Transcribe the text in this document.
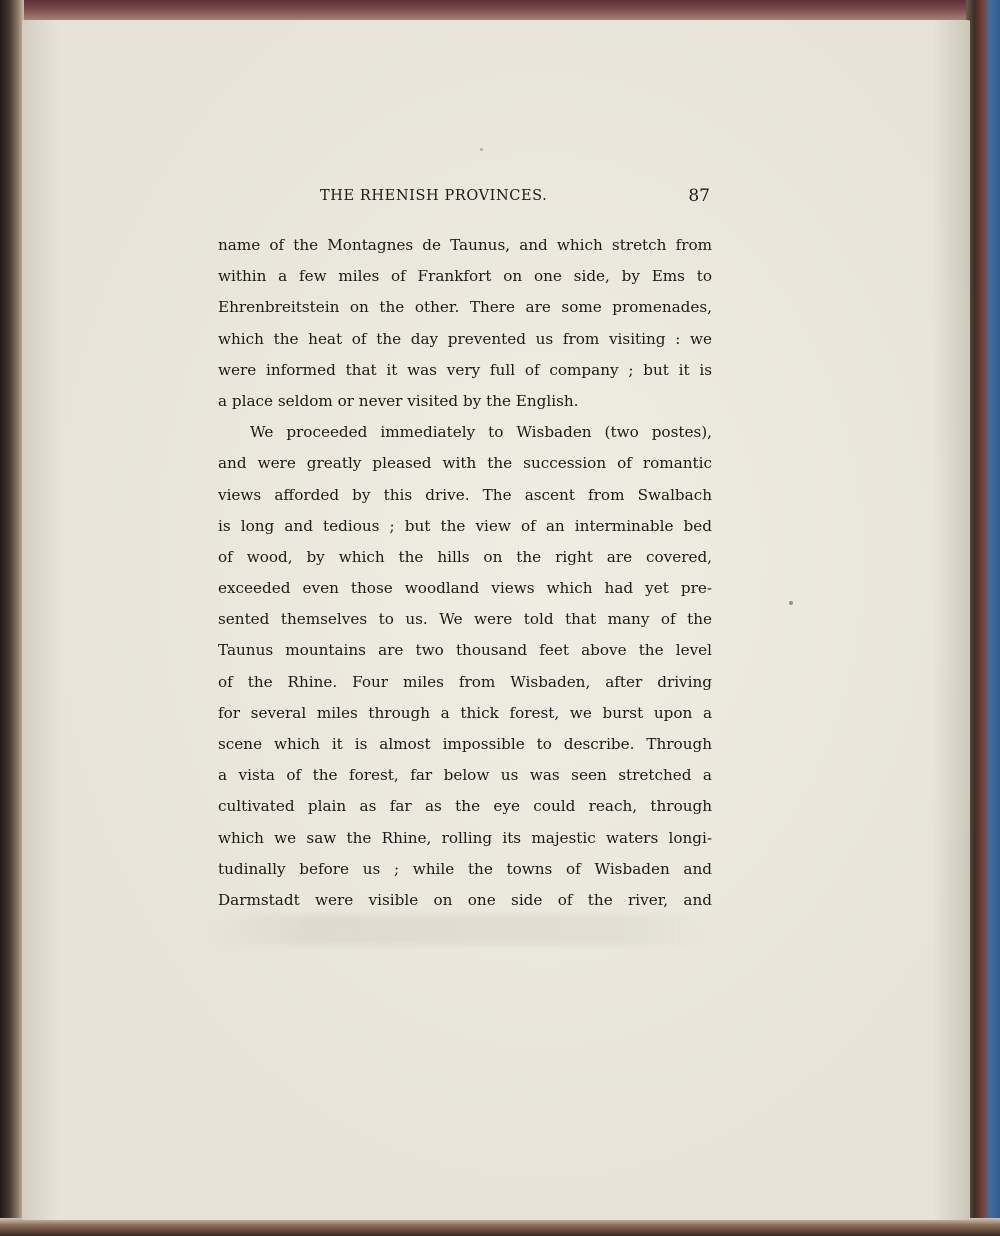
THE RHENISH PROVINCES.	87
name of the Montagnes de Taunus, and which stretch from
within a few miles of Frankfort on one side, by Ems to
Ehrenbreitstein on the other. There are some promenades,
which the heat of the day prevented us from visiting : we
were informed that it was very full of company ; but it is
a place seldom or never visited by the English.
We proceeded immediately to Wisbaden (two postes),
and were greatly pleased with the succession of romantic
views afforded by this drive. The ascent from Swalbach
is long and tedious ; but the view of an interminable bed
of wood, by which the hills on the right are covered,
exceeded even those woodland views which had yet pre-
sented themselves to us. We were told that many of the
Taunus mountains are two thousand feet above the level
of the Rhine. Four miles from Wisbaden, after driving
for several miles through a thick forest, we burst upon a
scene which it is almost impossible to describe. Through
a vista of the forest, far below us was seen stretched a
cultivated plain as far as the eye could reach, through
which we saw the Rhine, rolling its majestic waters longi-
tudinally before us ; while the towns of Wisbaden and
Darmstadt were visible on one side of the river, and
